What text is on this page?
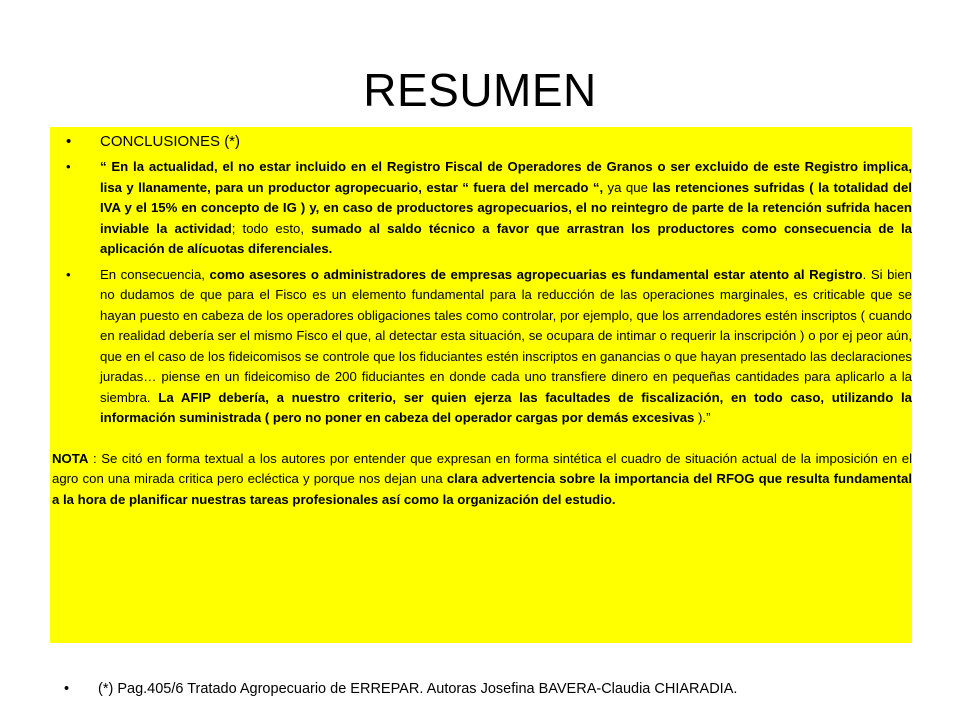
RESUMEN

• CONCLUSIONES (*)

• “ En la actualidad, el no estar incluido en el Registro Fiscal de Operadores de Granos o ser excluido de este Registro implica, lisa y llanamente, para un productor agropecuario, estar “ fuera del mercado “, ya que las retenciones sufridas ( la totalidad del IVA y el 15% en concepto de IG ) y, en caso de productores agropecuarios, el no reintegro de parte de la retención sufrida hacen inviable la actividad; todo esto, sumado al saldo técnico a favor que arrastran los productores como consecuencia de la aplicación de alícuotas diferenciales.

• En consecuencia, como asesores o administradores de empresas agropecuarias es fundamental estar atento al Registro. Si bien no dudamos de que para el Fisco es un elemento fundamental para la reducción de las operaciones marginales, es criticable que se hayan puesto en cabeza de los operadores obligaciones tales como controlar, por ejemplo, que los arrendadores estén inscriptos ( cuando en realidad debería ser el mismo Fisco el que, al detectar esta situación, se ocupara de intimar o requerir la inscripción ) o por ej peor aún, que en el caso de los fideicomisos se controle que los fiduciantes estén inscriptos en ganancias o que hayan presentado las declaraciones juradas… piense en un fideicomiso de 200 fiduciantes en donde cada uno transfiere dinero en pequeñas cantidades para aplicarlo a la siembra. La AFIP debería, a nuestro criterio, ser quien ejerza las facultades de fiscalización, en todo caso, utilizando la información suministrada ( pero no poner en cabeza del operador cargas por demás excesivas ).”

NOTA : Se citó en forma textual a los autores por entender que expresan en forma sintética el cuadro de situación actual de la imposición en el agro con una mirada critica pero ecléctica y porque nos dejan una clara advertencia sobre la importancia del RFOG que resulta fundamental a la hora de planificar nuestras tareas profesionales así como la organización del estudio.

• (*) Pag.405/6 Tratado Agropecuario de ERREPAR. Autoras Josefina BAVERA-Claudia CHIARADIA.
